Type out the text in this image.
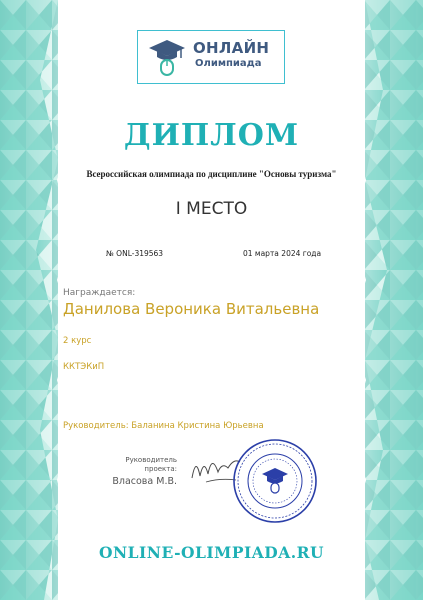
ОНЛАЙН
Олимпиада
ДИПЛОМ
Всероссийская олимпиада по дисциплине "Основы туризма"
I МЕСТО
№ ONL-319563	01 марта 2024 года
Награждается:
Данилова Вероника Витальевна
2 курс
ККТЭКиП
Руководитель: Баланина Кристина Юрьевна
Руководитель
проекта:
Власова М.В.
ONLINE-OLIMPIADA.RU
